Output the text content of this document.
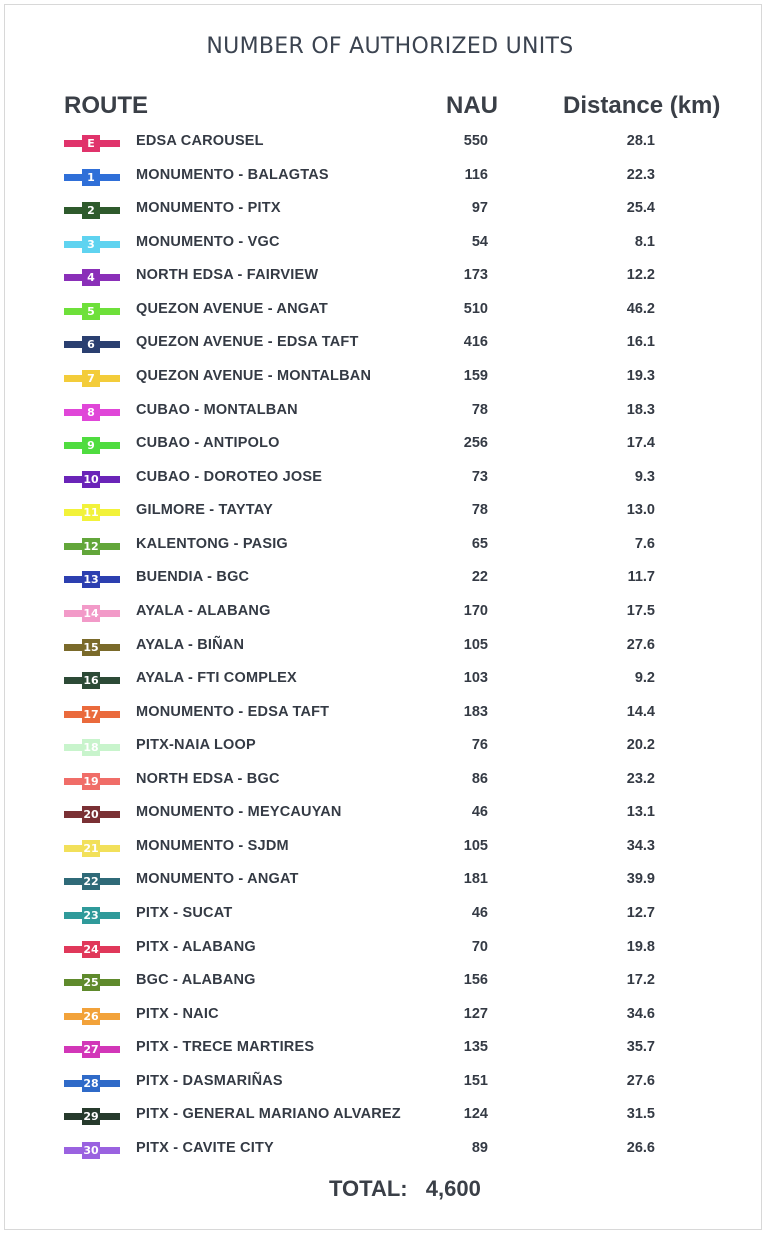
NUMBER OF AUTHORIZED UNITS
ROUTE	NAU	Distance (km)
E	EDSA CAROUSEL	550	28.1
1	MONUMENTO - BALAGTAS	116	22.3
2	MONUMENTO - PITX	97	25.4
3	MONUMENTO - VGC	54	8.1
4	NORTH EDSA - FAIRVIEW	173	12.2
5	QUEZON AVENUE - ANGAT	510	46.2
6	QUEZON AVENUE - EDSA TAFT	416	16.1
7	QUEZON AVENUE - MONTALBAN	159	19.3
8	CUBAO - MONTALBAN	78	18.3
9	CUBAO - ANTIPOLO	256	17.4
10	CUBAO - DOROTEO JOSE	73	9.3
11	GILMORE - TAYTAY	78	13.0
12	KALENTONG - PASIG	65	7.6
13	BUENDIA - BGC	22	11.7
14	AYALA - ALABANG	170	17.5
15	AYALA - BIÑAN	105	27.6
16	AYALA - FTI COMPLEX	103	9.2
17	MONUMENTO - EDSA TAFT	183	14.4
18	PITX-NAIA LOOP	76	20.2
19	NORTH EDSA - BGC	86	23.2
20	MONUMENTO - MEYCAUYAN	46	13.1
21	MONUMENTO - SJDM	105	34.3
22	MONUMENTO - ANGAT	181	39.9
23	PITX - SUCAT	46	12.7
24	PITX - ALABANG	70	19.8
25	BGC - ALABANG	156	17.2
26	PITX - NAIC	127	34.6
27	PITX - TRECE MARTIRES	135	35.7
28	PITX - DASMARIÑAS	151	27.6
29	PITX - GENERAL MARIANO ALVAREZ	124	31.5
30	PITX - CAVITE CITY	89	26.6
TOTAL: 4,600
